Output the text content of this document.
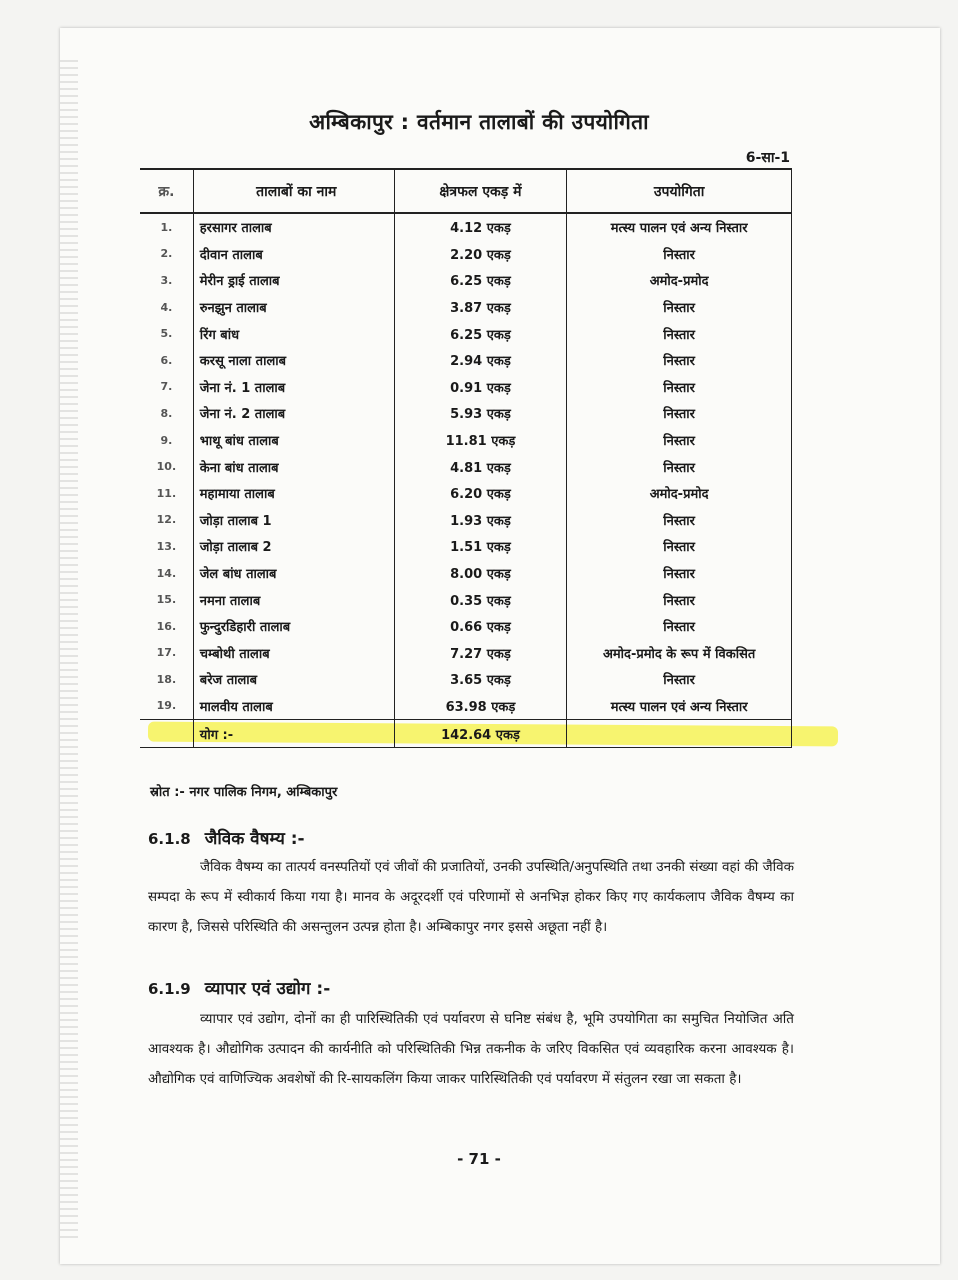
अम्बिकापुर : वर्तमान तालाबों की उपयोगिता
6-सा-1
क्र.	तालाबों का नाम	क्षेत्रफल एकड़ में	उपयोगिता
1.	हरसागर तालाब	4.12 एकड़	मत्स्य पालन एवं अन्य निस्तार
2.	दीवान तालाब	2.20 एकड़	निस्तार
3.	मेरीन ड्राई तालाब	6.25 एकड़	अमोद-प्रमोद
4.	रुनझुन तालाब	3.87 एकड़	निस्तार
5.	रिंग बांध	6.25 एकड़	निस्तार
6.	करसू नाला तालाब	2.94 एकड़	निस्तार
7.	जेना नं. 1 तालाब	0.91 एकड़	निस्तार
8.	जेना नं. 2 तालाब	5.93 एकड़	निस्तार
9.	भाथू बांध तालाब	11.81 एकड़	निस्तार
10.	केना बांध तालाब	4.81 एकड़	निस्तार
11.	महामाया तालाब	6.20 एकड़	अमोद-प्रमोद
12.	जोड़ा तालाब 1	1.93 एकड़	निस्तार
13.	जोड़ा तालाब 2	1.51 एकड़	निस्तार
14.	जेल बांध तालाब	8.00 एकड़	निस्तार
15.	नमना तालाब	0.35 एकड़	निस्तार
16.	फुन्दुरडिहारी तालाब	0.66 एकड़	निस्तार
17.	चम्बोथी तालाब	7.27 एकड़	अमोद-प्रमोद के रूप में विकसित
18.	बरेज तालाब	3.65 एकड़	निस्तार
19.	मालवीय तालाब	63.98 एकड़	मत्स्य पालन एवं अन्य निस्तार
	योग :-	142.64 एकड़	
स्रोत :- नगर पालिक निगम, अम्बिकापुर
6.1.8 जैविक वैषम्य :-
जैविक वैषम्य का तात्पर्य वनस्पतियों एवं जीवों की प्रजातियों, उनकी उपस्थिति/अनुपस्थिति तथा उनकी संख्या वहां की जैविक सम्पदा के रूप में स्वीकार्य किया गया है। मानव के अदूरदर्शी एवं परिणामों से अनभिज्ञ होकर किए गए कार्यकलाप जैविक वैषम्य का कारण है, जिससे परिस्थिति की असन्तुलन उत्पन्न होता है। अम्बिकापुर नगर इससे अछूता नहीं है।
6.1.9 व्यापार एवं उद्योग :-
व्यापार एवं उद्योग, दोनों का ही पारिस्थितिकी एवं पर्यावरण से घनिष्ट संबंध है, भूमि उपयोगिता का समुचित नियोजित अति आवश्यक है। औद्योगिक उत्पादन की कार्यनीति को परिस्थितिकी भिन्न तकनीक के जरिए विकसित एवं व्यवहारिक करना आवश्यक है। औद्योगिक एवं वाणिज्यिक अवशेषों की रि-सायकलिंग किया जाकर पारिस्थितिकी एवं पर्यावरण में संतुलन रखा जा सकता है।
- 71 -
